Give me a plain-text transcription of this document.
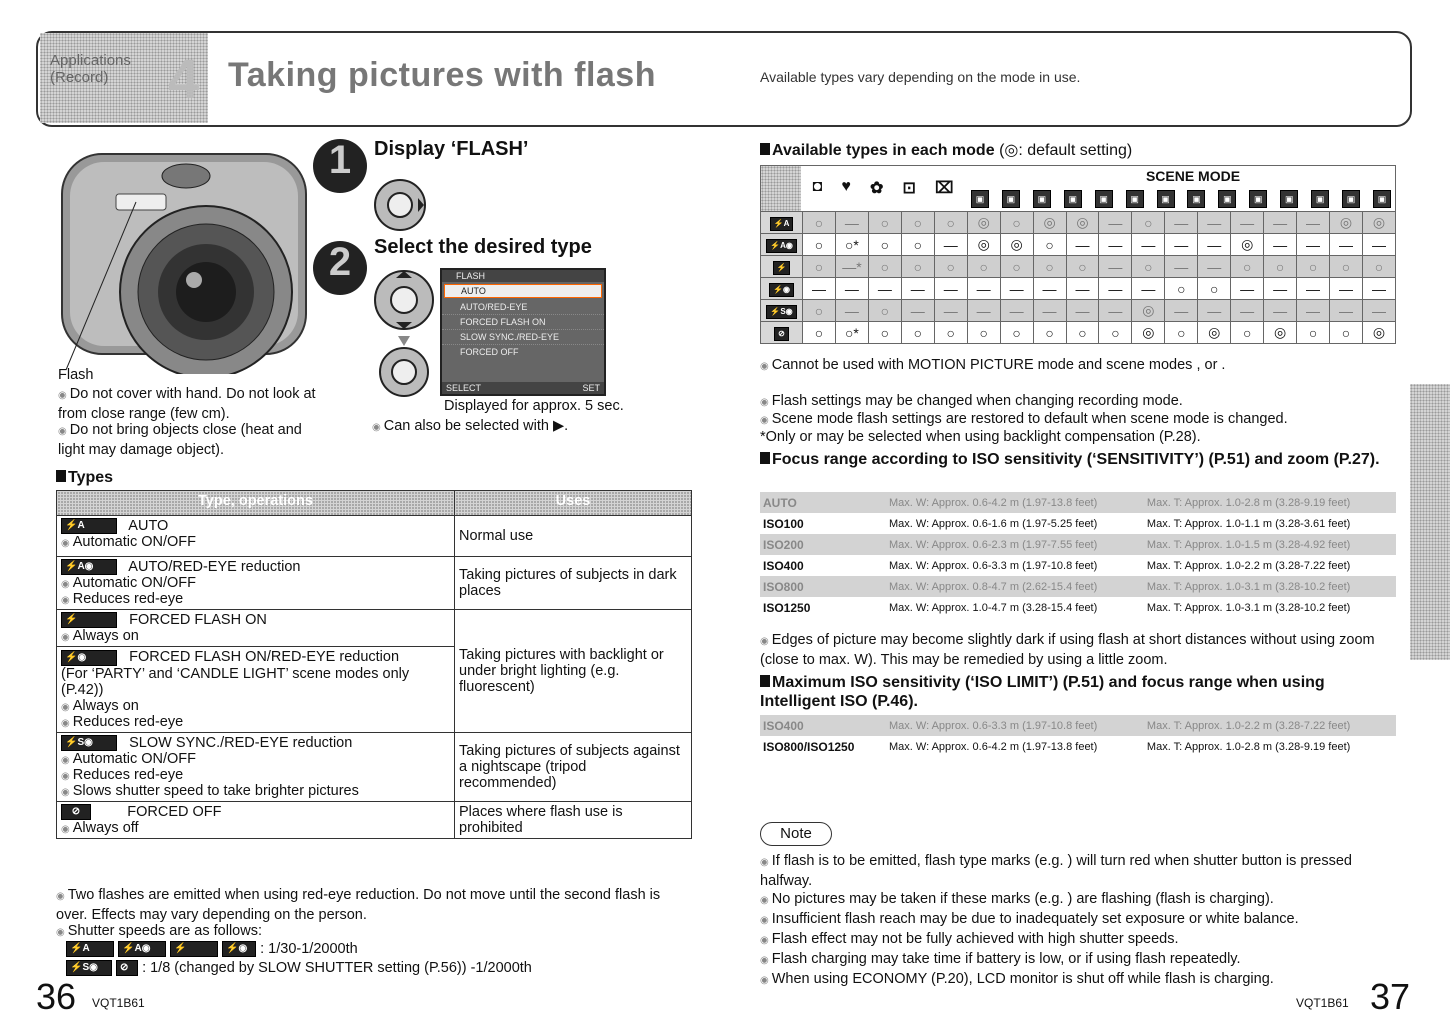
Applications (Record)	4 Taking pictures with flash	Available types vary depending on the mode in use.
Flash
◉ Do not cover with hand. Do not look at from close range (few cm).
◉ Do not bring objects close (heat and light may damage object).
1	Display ‘FLASH’
2	Select the desired type
FLASH
AUTO
AUTO/RED-EYE
FORCED FLASH ON
SLOW SYNC./RED-EYE
FORCED OFF
SELECT	SET
Displayed for approx. 5 sec.
◉ Can also be selected with ▶.
Types
Type, operations	Uses

⚡A AUTO
◉ Automatic ON/OFF	Normal use

⚡A◉ AUTO/RED-EYE reduction
◉ Automatic ON/OFF
◉ Reduces red-eye	Taking pictures of subjects in dark places

⚡ FORCED FLASH ON
◉ Always on	Taking pictures with backlight or under bright lighting (e.g. fluorescent)

⚡◉ FORCED FLASH ON/RED-EYE reduction
(For ‘PARTY’ and ‘CANDLE LIGHT’ scene modes only (P.42))
◉ Always on
◉ Reduces red-eye

⚡S◉ SLOW SYNC./RED-EYE reduction
◉ Automatic ON/OFF
◉ Reduces red-eye
◉ Slows shutter speed to take brighter pictures	Taking pictures of subjects against a nightscape (tripod recommended)

⊘ FORCED OFF
◉ Always off	Places where flash use is prohibited
◉ Two flashes are emitted when using red-eye reduction. Do not move until the second flash is over. Effects may vary depending on the person.
◉ Shutter speeds are as follows:
⚡A	⚡A◉ ⚡	⚡◉ : 1/30-1/2000th
⚡S◉ ⊘ : 1/8 (changed by SLOW SHUTTER setting (P.56)) -1/2000th
36 VQT1B61
Available types in each mode (◎: default setting)
SCENE MODE
◘ ♥ ✿ ⊡ ⌧
▣	▣	▣	▣	▣	▣	▣	▣	▣	▣	▣	▣	▣	▣
⚡A	○	—	○	○	○	◎	○	◎	◎	—	○	—	—	—	—	—	◎	◎
⚡A◉	○	○*	○	○	—	◎	◎	○	—	—	—	—	—	◎	—	—	—	—
⚡	○	—*	○	○	○	○	○	○	○	—	○	—	—	○	○	○	○	○
⚡◉	—	—	—	—	—	—	—	—	—	—	—	○	○	—	—	—	—	—
⚡S◉	○	—	○	—	—	—	—	—	—	—	◎	—	—	—	—	—	—	—
⊘	○	○*	○	○	○	○	○	○	○	○	◎	○	◎	○	◎	○	○	◎
◉ Cannot be used with MOTION PICTURE mode and scene modes , or .
◉ Flash settings may be changed when changing recording mode.
◉ Scene mode flash settings are restored to default when scene mode is changed.
*Only or may be selected when using backlight compensation (P.28).
Focus range according to ISO sensitivity (‘SENSITIVITY’) (P.51) and zoom (P.27).
AUTO	Max. W: Approx. 0.6-4.2 m (1.97-13.8 feet)	Max. T: Approx. 1.0-2.8 m (3.28-9.19 feet)
ISO100	Max. W: Approx. 0.6-1.6 m (1.97-5.25 feet)	Max. T: Approx. 1.0-1.1 m (3.28-3.61 feet)
ISO200	Max. W: Approx. 0.6-2.3 m (1.97-7.55 feet)	Max. T: Approx. 1.0-1.5 m (3.28-4.92 feet)
ISO400	Max. W: Approx. 0.6-3.3 m (1.97-10.8 feet)	Max. T: Approx. 1.0-2.2 m (3.28-7.22 feet)
ISO800	Max. W: Approx. 0.8-4.7 m (2.62-15.4 feet)	Max. T: Approx. 1.0-3.1 m (3.28-10.2 feet)
ISO1250	Max. W: Approx. 1.0-4.7 m (3.28-15.4 feet)	Max. T: Approx. 1.0-3.1 m (3.28-10.2 feet)
◉ Edges of picture may become slightly dark if using flash at short distances without using zoom (close to max. W). This may be remedied by using a little zoom.
Maximum ISO sensitivity (‘ISO LIMIT’) (P.51) and focus range when using Intelligent ISO (P.46).
ISO400	Max. W: Approx. 0.6-3.3 m (1.97-10.8 feet)	Max. T: Approx. 1.0-2.2 m (3.28-7.22 feet)
ISO800/ISO1250	Max. W: Approx. 0.6-4.2 m (1.97-13.8 feet)	Max. T: Approx. 1.0-2.8 m (3.28-9.19 feet)
Note
◉ If flash is to be emitted, flash type marks (e.g. ) will turn red when shutter button is pressed halfway.
◉ No pictures may be taken if these marks (e.g. ) are flashing (flash is charging).
◉ Insufficient flash reach may be due to inadequately set exposure or white balance.
◉ Flash effect may not be fully achieved with high shutter speeds.
◉ Flash charging may take time if battery is low, or if using flash repeatedly.
◉ When using ECONOMY (P.20), LCD monitor is shut off while flash is charging.
VQT1B61 37
